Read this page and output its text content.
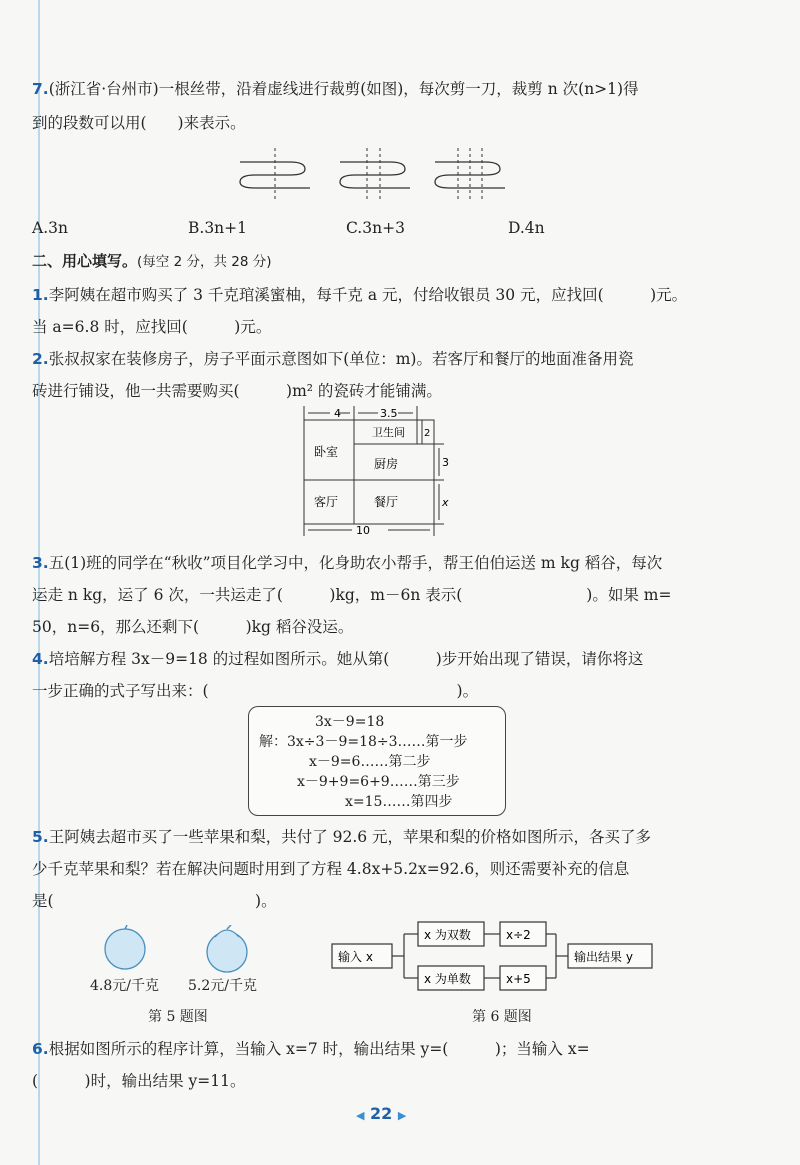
7.(浙江省·台州市)一根丝带，沿着虚线进行裁剪(如图)，每次剪一刀，裁剪 n 次(n>1)得
到的段数可以用(　　)来表示。
A.3n	B.3n+1	C.3n+3	D.4n
二、用心填写。(每空 2 分，共 28 分)
1.李阿姨在超市购买了 3 千克琯溪蜜柚，每千克 a 元，付给收银员 30 元，应找回(　　　)元。
当 a=6.8 时，应找回(　　　)元。
2.张叔叔家在装修房子，房子平面示意图如下(单位：m)。若客厅和餐厅的地面准备用瓷
砖进行铺设，他一共需要购买(　　　)m² 的瓷砖才能铺满。
4	3.5
10
3
x
2
卧室
卫生间
厨房
客厅	餐厅
3.五(1)班的同学在“秋收”项目化学习中，化身助农小帮手，帮王伯伯运送 m kg 稻谷，每次
运走 n kg，运了 6 次，一共运走了(　　　)kg，m－6n 表示(　　　　　　　　)。如果 m=
50，n=6，那么还剩下(　　　)kg 稻谷没运。
4.培培解方程 3x－9=18 的过程如图所示。她从第(　　　)步开始出现了错误，请你将这
一步正确的式子写出来：(　　　　　　　　　　　　　　　　)。
3x－9=18
解：3x÷3－9=18÷3……第一步
x－9=6……第二步
x－9+9=6+9……第三步
x=15……第四步
5.王阿姨去超市买了一些苹果和梨，共付了 92.6 元，苹果和梨的价格如图所示，各买了多
少千克苹果和梨？若在解决问题时用到了方程 4.8x+5.2x=92.6，则还需要补充的信息
是(　　　　　　　　　　　　　)。
4.8元/千克 5.2元/千克
第 5 题图
输入 x
x 为双数
x 为单数
x÷2
x+5
输出结果 y
第 6 题图
6.根据如图所示的程序计算，当输入 x=7 时，输出结果 y=(　　　)；当输入 x=
(　　　)时，输出结果 y=11。
◀ 22 ▶
